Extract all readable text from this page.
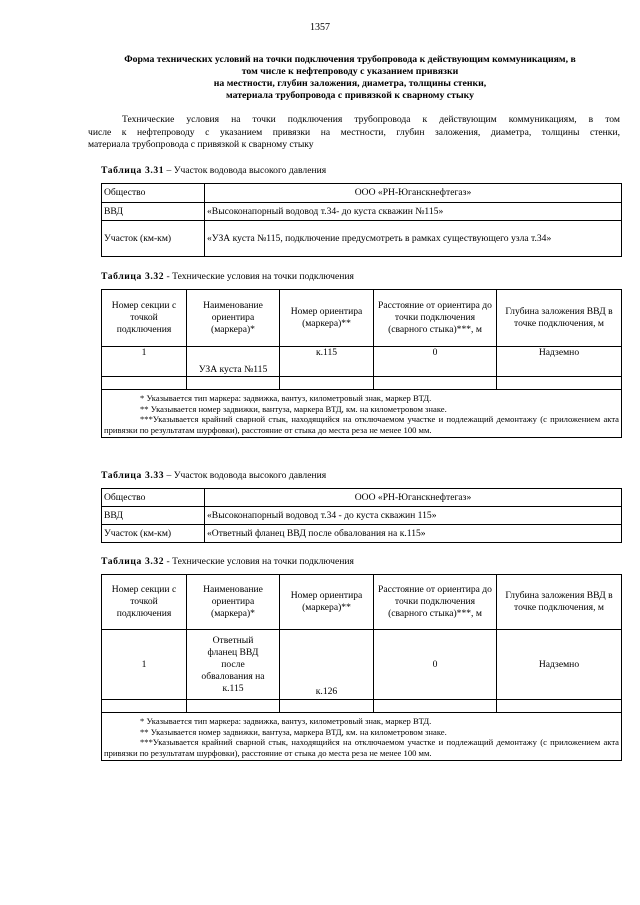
1357
Форма технических условий на точки подключения трубопровода к действующим коммуникациям, в
том числе к нефтепроводу с указанием привязки
на местности, глубин заложения, диаметра, толщины стенки,
материала трубопровода с привязкой к сварному стыку
Технические условия на точки подключения трубопровода к действующим коммуникациям, в том
числе к нефтепроводу с указанием привязки на местности, глубин заложения, диаметра, толщины стенки,
материала трубопровода с привязкой к сварному стыку
Таблица 3.31 – Участок водовода высокого давления
Общество	ООО «РН-Юганскнефтегаз»
ВВД	«Высоконапорный водовод т.34- до куста скважин №115»
Участок (км-км)	«УЗА куста №115, подключение предусмотреть в рамках существующего узла т.34»
Таблица 3.32 - Технические условия на точки подключения
Номер секции с точкой подключения	Наименование ориентира (маркера)*	Номер ориентира (маркера)**	Расстояние от ориентира до точки подключения (сварного стыка)***, м	Глубина заложения ВВД в точке подключения, м
1	УЗА куста №115	к.115	0	Надземно

* Указывается тип маркера: задвижка, вантуз, километровый знак, маркер ВТД.
** Указывается номер задвижки, вантуза, маркера ВТД, км. на километровом знаке.
***Указывается крайний сварной стык, находящийся на отключаемом участке и подлежащий демонтажу (с приложением акта привязки по результатам шурфовки), расстояние от стыка до места реза не менее 100 мм.				
Таблица 3.33 – Участок водовода высокого давления
Общество	ООО «РН-Юганскнефтегаз»
ВВД	«Высоконапорный водовод т.34 - до куста скважин 115»
Участок (км-км)	«Ответный фланец ВВД после обвалования на к.115»
Таблица 3.32 - Технические условия на точки подключения
Номер секции с точкой подключения	Наименование ориентира (маркера)*	Номер ориентира (маркера)**	Расстояние от ориентира до точки подключения (сварного стыка)***, м	Глубина заложения ВВД в точке подключения, м
1	Ответный фланец ВВД после обвалования на к.115	к.126	0	Надземно

* Указывается тип маркера: задвижка, вантуз, километровый знак, маркер ВТД.
** Указывается номер задвижки, вантуза, маркера ВТД, км. на километровом знаке.
***Указывается крайний сварной стык, находящийся на отключаемом участке и подлежащий демонтажу (с приложением акта привязки по результатам шурфовки), расстояние от стыка до места реза не менее 100 мм.				
